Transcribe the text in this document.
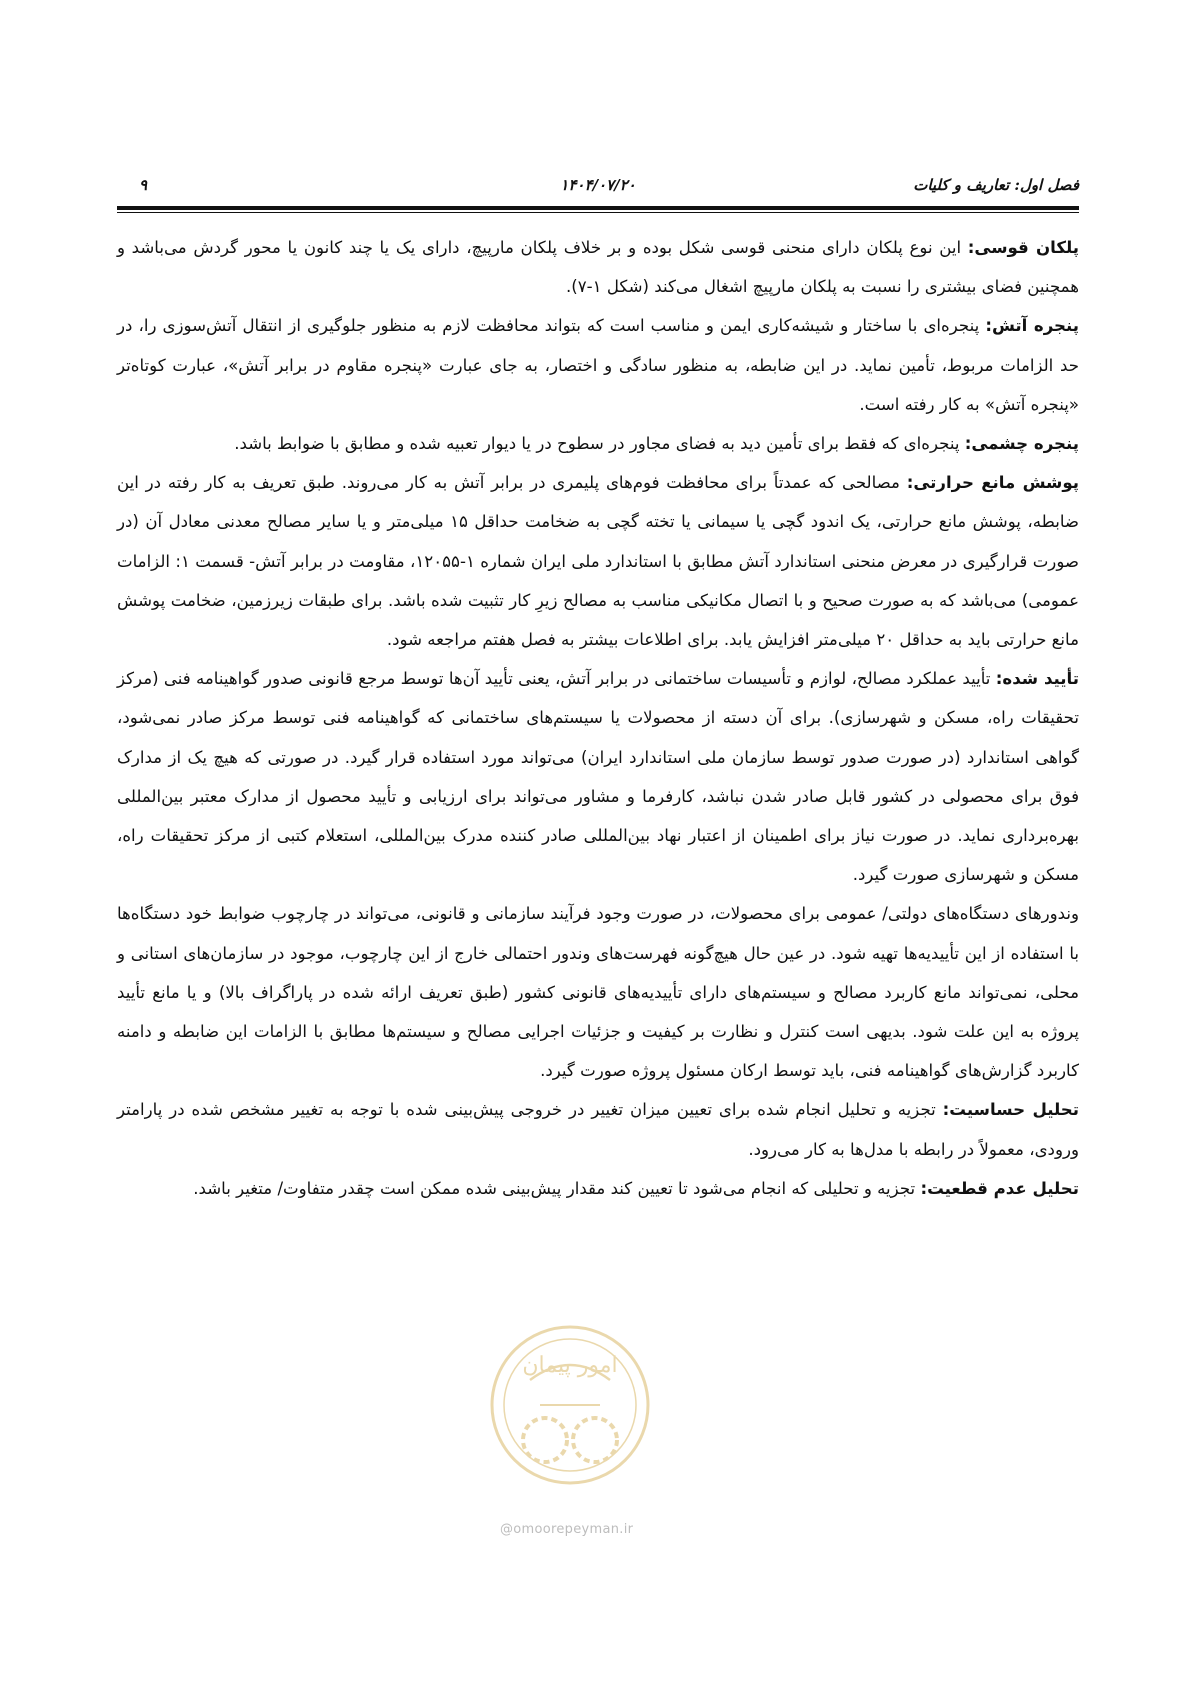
فصل اول: تعاریف و کلیات
۱۴۰۴/۰۷/۲۰
۹

پلکان قوسی: این نوع پلکان دارای منحنی قوسی شکل بوده و بر خلاف پلکان مارپیچ، دارای یک یا چند کانون یا محور گردش می‌باشد و همچنین فضای بیشتری را نسبت به پلکان مارپیچ اشغال می‌کند (شکل ۱-۷).

پنجره آتش: پنجره‌ای با ساختار و شیشه‌کاری ایمن و مناسب است که بتواند محافظت لازم به منظور جلوگیری از انتقال آتش‌سوزی را، در حد الزامات مربوط، تأمین نماید. در این ضابطه، به منظور سادگی و اختصار، به جای عبارت «پنجره مقاوم در برابر آتش»، عبارت کوتاه‌تر «پنجره آتش» به کار رفته است.

پنجره چشمی: پنجره‌ای که فقط برای تأمین دید به فضای مجاور در سطوح در یا دیوار تعبیه شده و مطابق با ضوابط باشد.

پوشش مانع حرارتی: مصالحی که عمدتاً برای محافظت فوم‌های پلیمری در برابر آتش به کار می‌روند. طبق تعریف به کار رفته در این ضابطه، پوشش مانع حرارتی، یک اندود گچی یا سیمانی یا تخته گچی به ضخامت حداقل ۱۵ میلی‌متر و یا سایر مصالح معدنی معادل آن (در صورت قرارگیری در معرض منحنی استاندارد آتش مطابق با استاندارد ملی ایران شماره ۱-۱۲۰۵۵، مقاومت در برابر آتش- قسمت ۱: الزامات عمومی) می‌باشد که به صورت صحیح و با اتصال مکانیکی مناسب به مصالح زیرِ کار تثبیت شده باشد. برای طبقات زیرزمین، ضخامت پوشش مانع حرارتی باید به حداقل ۲۰ میلی‌متر افزایش یابد. برای اطلاعات بیشتر به فصل هفتم مراجعه شود.

تأیید شده: تأیید عملکرد مصالح، لوازم و تأسیسات ساختمانی در برابر آتش، یعنی تأیید آن‌ها توسط مرجع قانونی صدور گواهینامه فنی (مرکز تحقیقات راه، مسکن و شهرسازی). برای آن دسته از محصولات یا سیستم‌های ساختمانی که گواهینامه فنی توسط مرکز صادر نمی‌شود، گواهی استاندارد (در صورت صدور توسط سازمان ملی استاندارد ایران) می‌تواند مورد استفاده قرار گیرد. در صورتی که هیچ یک از مدارک فوق برای محصولی در کشور قابل صادر شدن نباشد، کارفرما و مشاور می‌تواند برای ارزیابی و تأیید محصول از مدارک معتبر بین‌المللی بهره‌برداری نماید. در صورت نیاز برای اطمینان از اعتبار نهاد بین‌المللی صادر کننده مدرک بین‌المللی، استعلام کتبی از مرکز تحقیقات راه، مسکن و شهرسازی صورت گیرد.

وندورهای دستگاه‌های دولتی/ عمومی برای محصولات، در صورت وجود فرآیند سازمانی و قانونی، می‌تواند در چارچوب ضوابط خود دستگاه‌ها با استفاده از این تأییدیه‌ها تهیه شود. در عین حال هیچ‌گونه فهرست‌های وندور احتمالی خارج از این چارچوب، موجود در سازمان‌های استانی و محلی، نمی‌تواند مانع کاربرد مصالح و سیستم‌های دارای تأییدیه‌های قانونی کشور (طبق تعریف ارائه شده در پاراگراف بالا) و یا مانع تأیید پروژه به این علت شود. بدیهی است کنترل و نظارت بر کیفیت و جزئیات اجرایی مصالح و سیستم‌ها مطابق با الزامات این ضابطه و دامنه کاربرد گزارش‌های گواهینامه فنی، باید توسط ارکان مسئول پروژه صورت گیرد.

تحلیل حساسیت: تجزیه و تحلیل انجام شده برای تعیین میزان تغییر در خروجی پیش‌بینی شده با توجه به تغییر مشخص شده در پارامتر ورودی، معمولاً در رابطه با مدل‌ها به کار می‌رود.

تحلیل عدم قطعیت: تجزیه و تحلیلی که انجام می‌شود تا تعیین کند مقدار پیش‌بینی شده ممکن است چقدر متفاوت/ متغیر باشد.

امور پیمان
@omoorepeyman.ir
